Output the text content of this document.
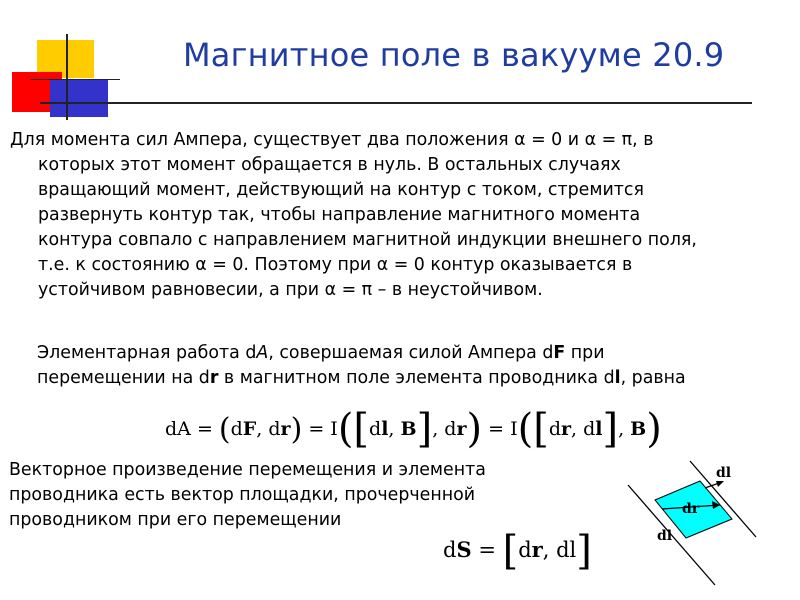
Магнитное поле в вакууме 20.9
Для момента сил Ампера, существует два положения α = 0 и α = π, в
которых этот момент обращается в нуль. В остальных случаях
вращающий момент, действующий на контур с током, стремится
развернуть контур так, чтобы направление магнитного момента
контура совпало с направлением магнитной индукции внешнего поля,
т.е. к состоянию α = 0. Поэтому при α = 0 контур оказывается в
устойчивом равновесии, а при α = π – в неустойчивом.
Элементарная работа dA, совершаемая силой Ампера dF при
перемещении на dr в магнитном поле элемента проводника dl, равна
dA = (dF, dr) = I([dl, B], dr) = I([dr, dl], B)
Векторное произведение перемещения и элемента
проводника есть вектор площадки, прочерченной
проводником при его перемещении
dS = [dr, dl]
dl
dr
dl
